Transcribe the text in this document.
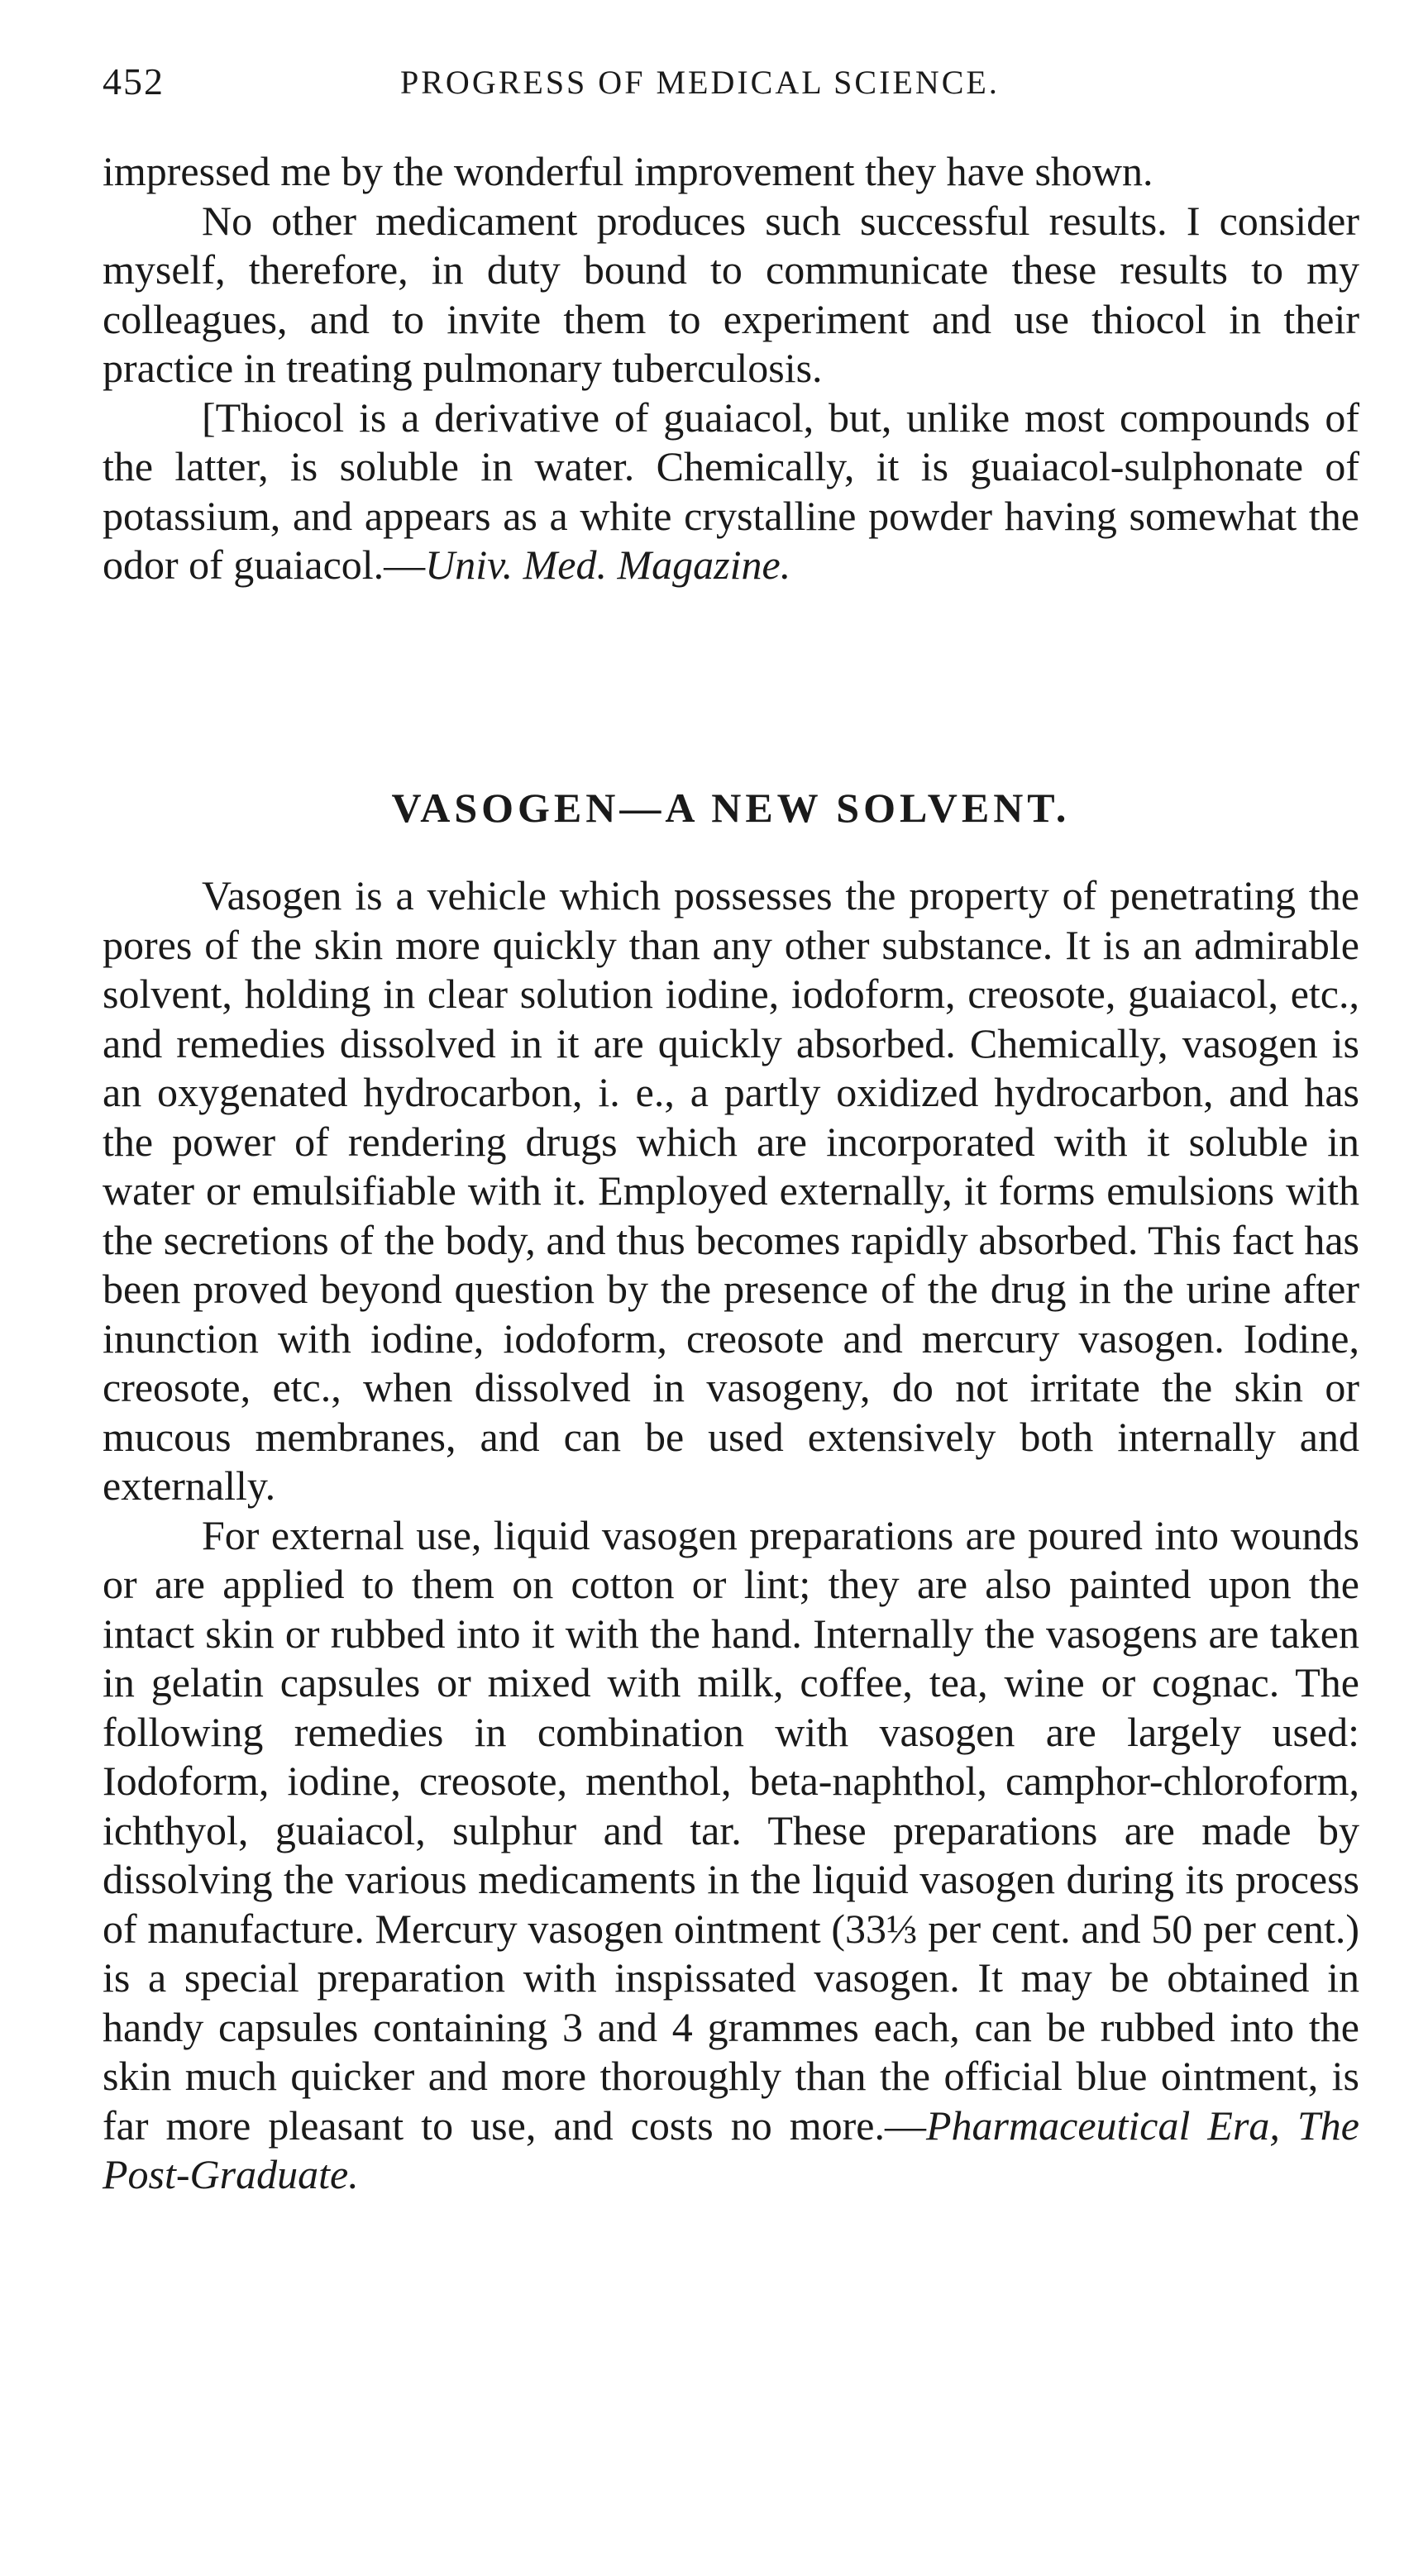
452	PROGRESS OF MEDICAL SCIENCE.

impressed me by the wonderful improvement they have shown.

No other medicament produces such successful results. I consider myself, therefore, in duty bound to communicate these results to my colleagues, and to invite them to experiment and use thiocol in their practice in treating pulmonary tuberculosis.

[Thiocol is a derivative of guaiacol, but, unlike most compounds of the latter, is soluble in water. Chemically, it is guaiacol-sulphonate of potassium, and appears as a white crystalline powder having somewhat the odor of guaiacol.—Univ. Med. Magazine.

VASOGEN—A NEW SOLVENT.

Vasogen is a vehicle which possesses the property of penetrating the pores of the skin more quickly than any other substance. It is an admirable solvent, holding in clear solution iodine, iodoform, creosote, guaiacol, etc., and remedies dissolved in it are quickly absorbed. Chemically, vasogen is an oxygenated hydrocarbon, i. e., a partly oxidized hydrocarbon, and has the power of rendering drugs which are incorporated with it soluble in water or emulsifiable with it. Employed externally, it forms emulsions with the secretions of the body, and thus becomes rapidly absorbed. This fact has been proved beyond question by the presence of the drug in the urine after inunction with iodine, iodoform, creosote and mercury vasogen. Iodine, creosote, etc., when dissolved in vasogeny, do not irritate the skin or mucous membranes, and can be used extensively both internally and externally.

For external use, liquid vasogen preparations are poured into wounds or are applied to them on cotton or lint; they are also painted upon the intact skin or rubbed into it with the hand. Internally the vasogens are taken in gelatin capsules or mixed with milk, coffee, tea, wine or cognac. The following remedies in combination with vasogen are largely used: Iodoform, iodine, creosote, menthol, beta-naphthol, camphor-chloroform, ichthyol, guaiacol, sulphur and tar. These preparations are made by dissolving the various medicaments in the liquid vasogen during its process of manufacture. Mercury vasogen ointment (33⅓ per cent. and 50 per cent.) is a special preparation with inspissated vasogen. It may be obtained in handy capsules containing 3 and 4 grammes each, can be rubbed into the skin much quicker and more thoroughly than the official blue ointment, is far more pleasant to use, and costs no more.—Pharmaceutical Era, The Post-Graduate.
